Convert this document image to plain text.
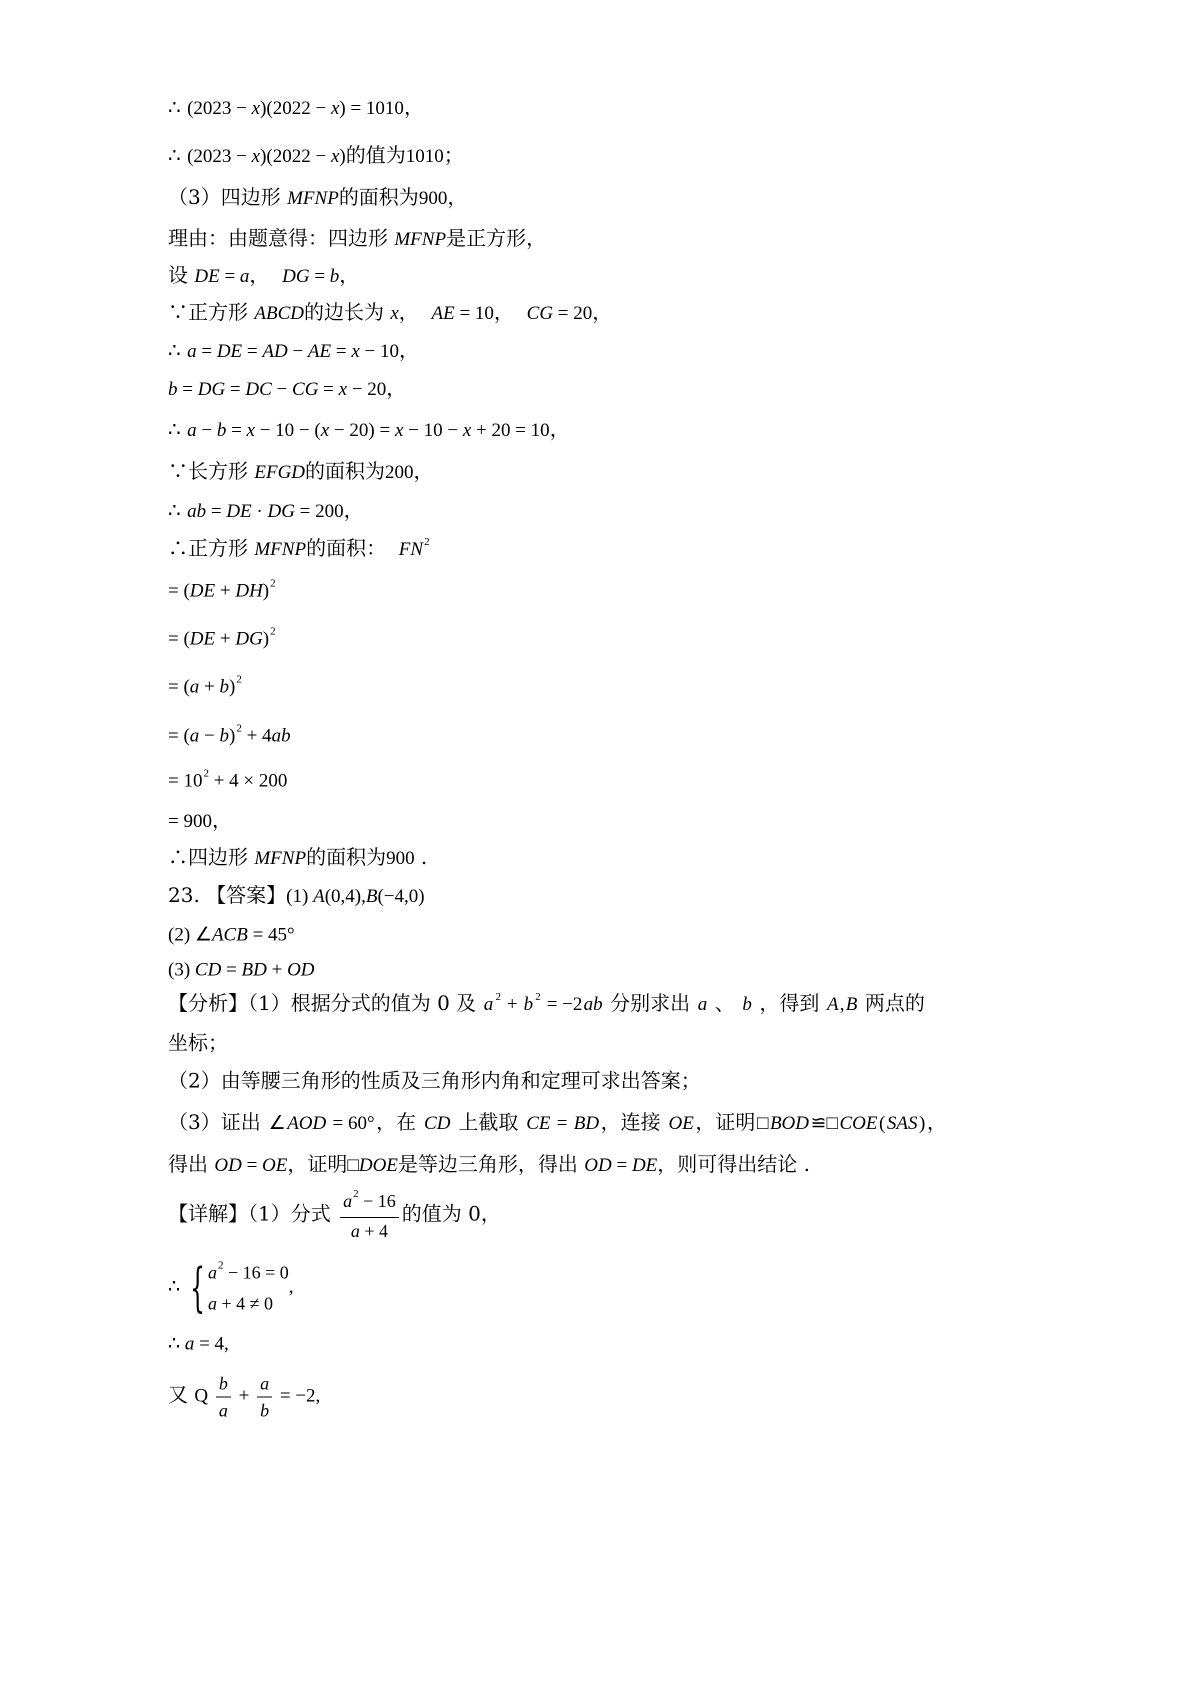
∴ (2023 − x)(2022 − x) = 1010，
∴ (2023 − x)(2022 − x)的值为1010；
（3）四边形 MFNP的面积为900，
理由：由题意得：四边形 MFNP是正方形，
设 DE = a，  DG = b，
∵正方形 ABCD的边长为 x，  AE = 10，  CG = 20，
∴ a = DE = AD − AE = x − 10，
b = DG = DC − CG = x − 20，
∴ a − b = x − 10 − (x − 20) = x − 10 − x + 20 = 10，
∵长方形 EFGD的面积为200，
∴ ab = DE · DG = 200，
∴正方形 MFNP的面积：  $FN^2$
= (DE + DH)$^2$
= (DE + DG)$^2$
= $(a + b)^2$
= $(a - b)^2 + 4ab$
= $10^2 + 4 \times 200$
= 900，
∴四边形 MFNP的面积为900 .
23. 【答案】(1) A(0,4),B(−4,0)
(2) ∠ACB = 45°
(3) CD = BD + OD
【分析】（1）根据分式的值为 0 及 a 2 + b 2 = −2 ab 分别求出 a 、 b ，得到 A , B 两点的
坐标；
（2）由等腰三角形的性质及三角形内角和定理可求出答案；
（3）证出 ∠ AOD = 60° ，在 CD 上截取 CE = BD ，连接 OE ，证明 □ BOD ≌□ COE ( SAS ) ，
得出 OD = OE，证明□DOE是等边三角形，得出 OD = DE，则可得出结论 .
【详解】（1）分式 $\frac{a^2 - 16}{a + 4}$ 的值为 0，
∴ { $a^2 - 16 = 0$
a + 4 ≠ 0
,
∴ a = 4,
又 Q $\frac{b}{a} + \frac{a}{b} = -2$,
